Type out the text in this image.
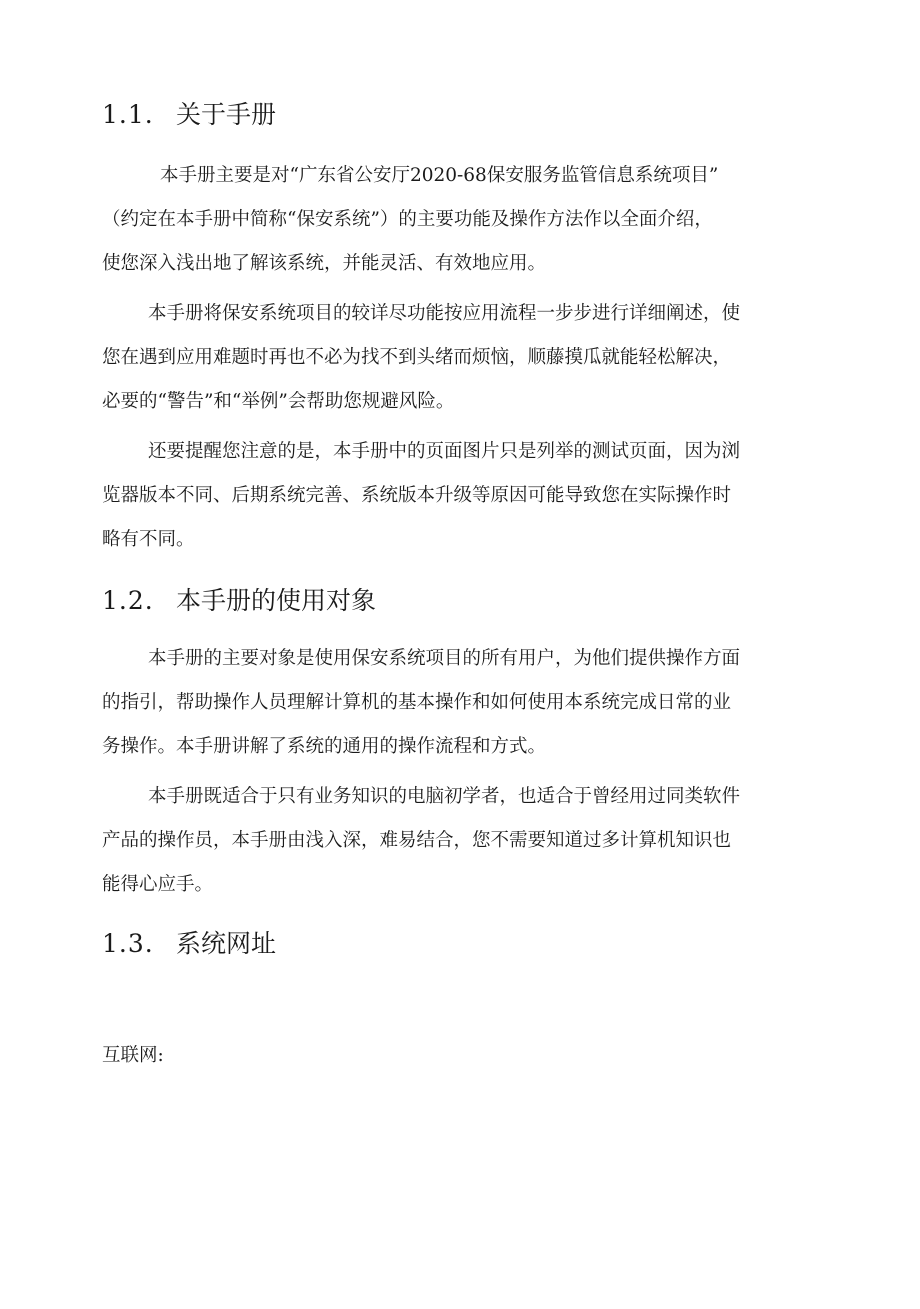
1.1. 关于手册
本手册主要是对“广东省公安厅2020-68保安服务监管信息系统项目”
（约定在本手册中简称“保安系统”）的主要功能及操作方法作以全面介绍，
使您深入浅出地了解该系统，并能灵活、有效地应用。
本手册将保安系统项目的较详尽功能按应用流程一步步进行详细阐述，使
您在遇到应用难题时再也不必为找不到头绪而烦恼，顺藤摸瓜就能轻松解决，
必要的“警告”和“举例”会帮助您规避风险。
还要提醒您注意的是，本手册中的页面图片只是列举的测试页面，因为浏
览器版本不同、后期系统完善、系统版本升级等原因可能导致您在实际操作时
略有不同。
1.2. 本手册的使用对象
本手册的主要对象是使用保安系统项目的所有用户，为他们提供操作方面
的指引，帮助操作人员理解计算机的基本操作和如何使用本系统完成日常的业
务操作。本手册讲解了系统的通用的操作流程和方式。
本手册既适合于只有业务知识的电脑初学者，也适合于曾经用过同类软件
产品的操作员，本手册由浅入深，难易结合，您不需要知道过多计算机知识也
能得心应手。
1.3. 系统网址

互联网:
